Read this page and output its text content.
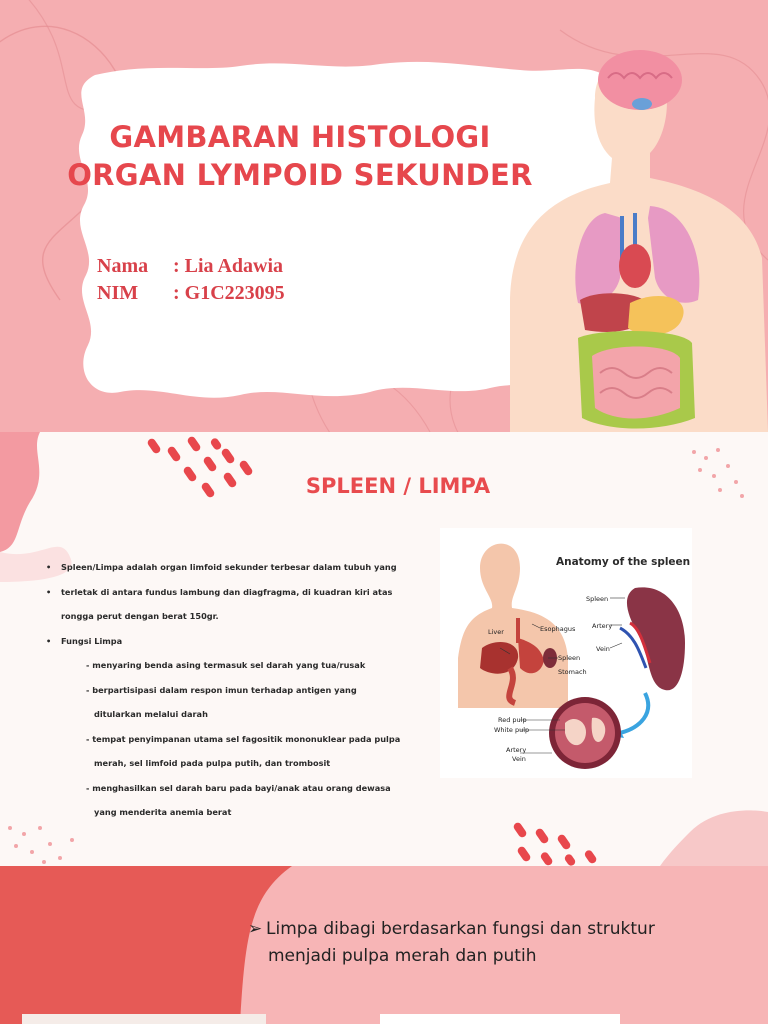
GAMBARAN HISTOLOGI
ORGAN LYMPOID SEKUNDER
Nama : Lia Adawia
NIM : G1C223095
SPLEEN / LIMPA
• Spleen/Limpa adalah organ limfoid sekunder terbesar dalam tubuh yang
• terletak di antara fundus lambung dan diagfragma, di kuadran kiri atas
rongga perut dengan berat 150gr.
• Fungsi Limpa
- menyaring benda asing termasuk sel darah yang tua/rusak
- berpartisipasi dalam respon imun terhadap antigen yang
ditularkan melalui darah
- tempat penyimpanan utama sel fagositik mononuklear pada pulpa
merah, sel limfoid pada pulpa putih, dan trombosit
- menghasilkan sel darah baru pada bayi/anak atau orang dewasa
yang menderita anemia berat
Anatomy of the spleen
Liver	Esophagus
Spleen
Stomach
Spleen
Artery
Vein
iStock
Red pulp
White pulp
Artery
Vein
➢ Limpa dibagi berdasarkan fungsi dan struktur
menjadi pulpa merah dan putih
